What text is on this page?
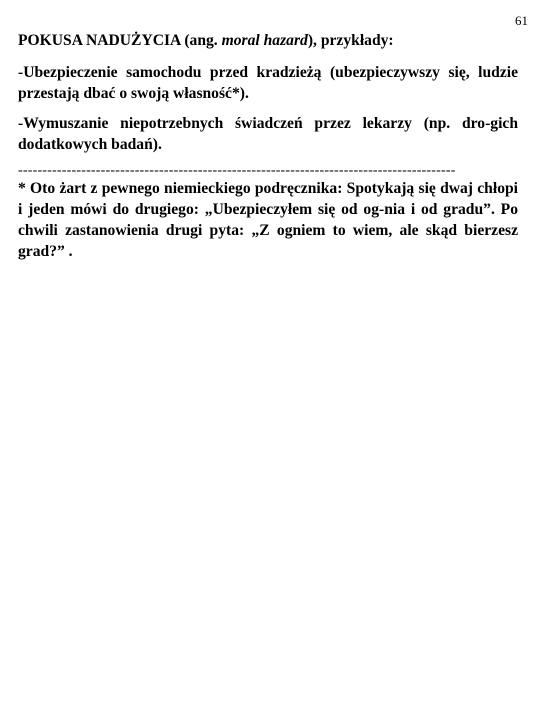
61
POKUSA NADUŻYCIA (ang. moral hazard), przykłady:

-Ubezpieczenie samochodu przed kradzieżą (ubezpieczywszy się, ludzie przestają dbać o swoją własność*).

-Wymuszanie niepotrzebnych świadczeń przez lekarzy (np. dro-gich dodatkowych badań).

------------------------------------------------------------------------------------------

* Oto żart z pewnego niemieckiego podręcznika: Spotykają się dwaj chłopi i jeden mówi do drugiego: „Ubezpieczyłem się od og-nia i od gradu”. Po chwili zastanowienia drugi pyta: „Z ogniem to wiem, ale skąd bierzesz grad?” .
